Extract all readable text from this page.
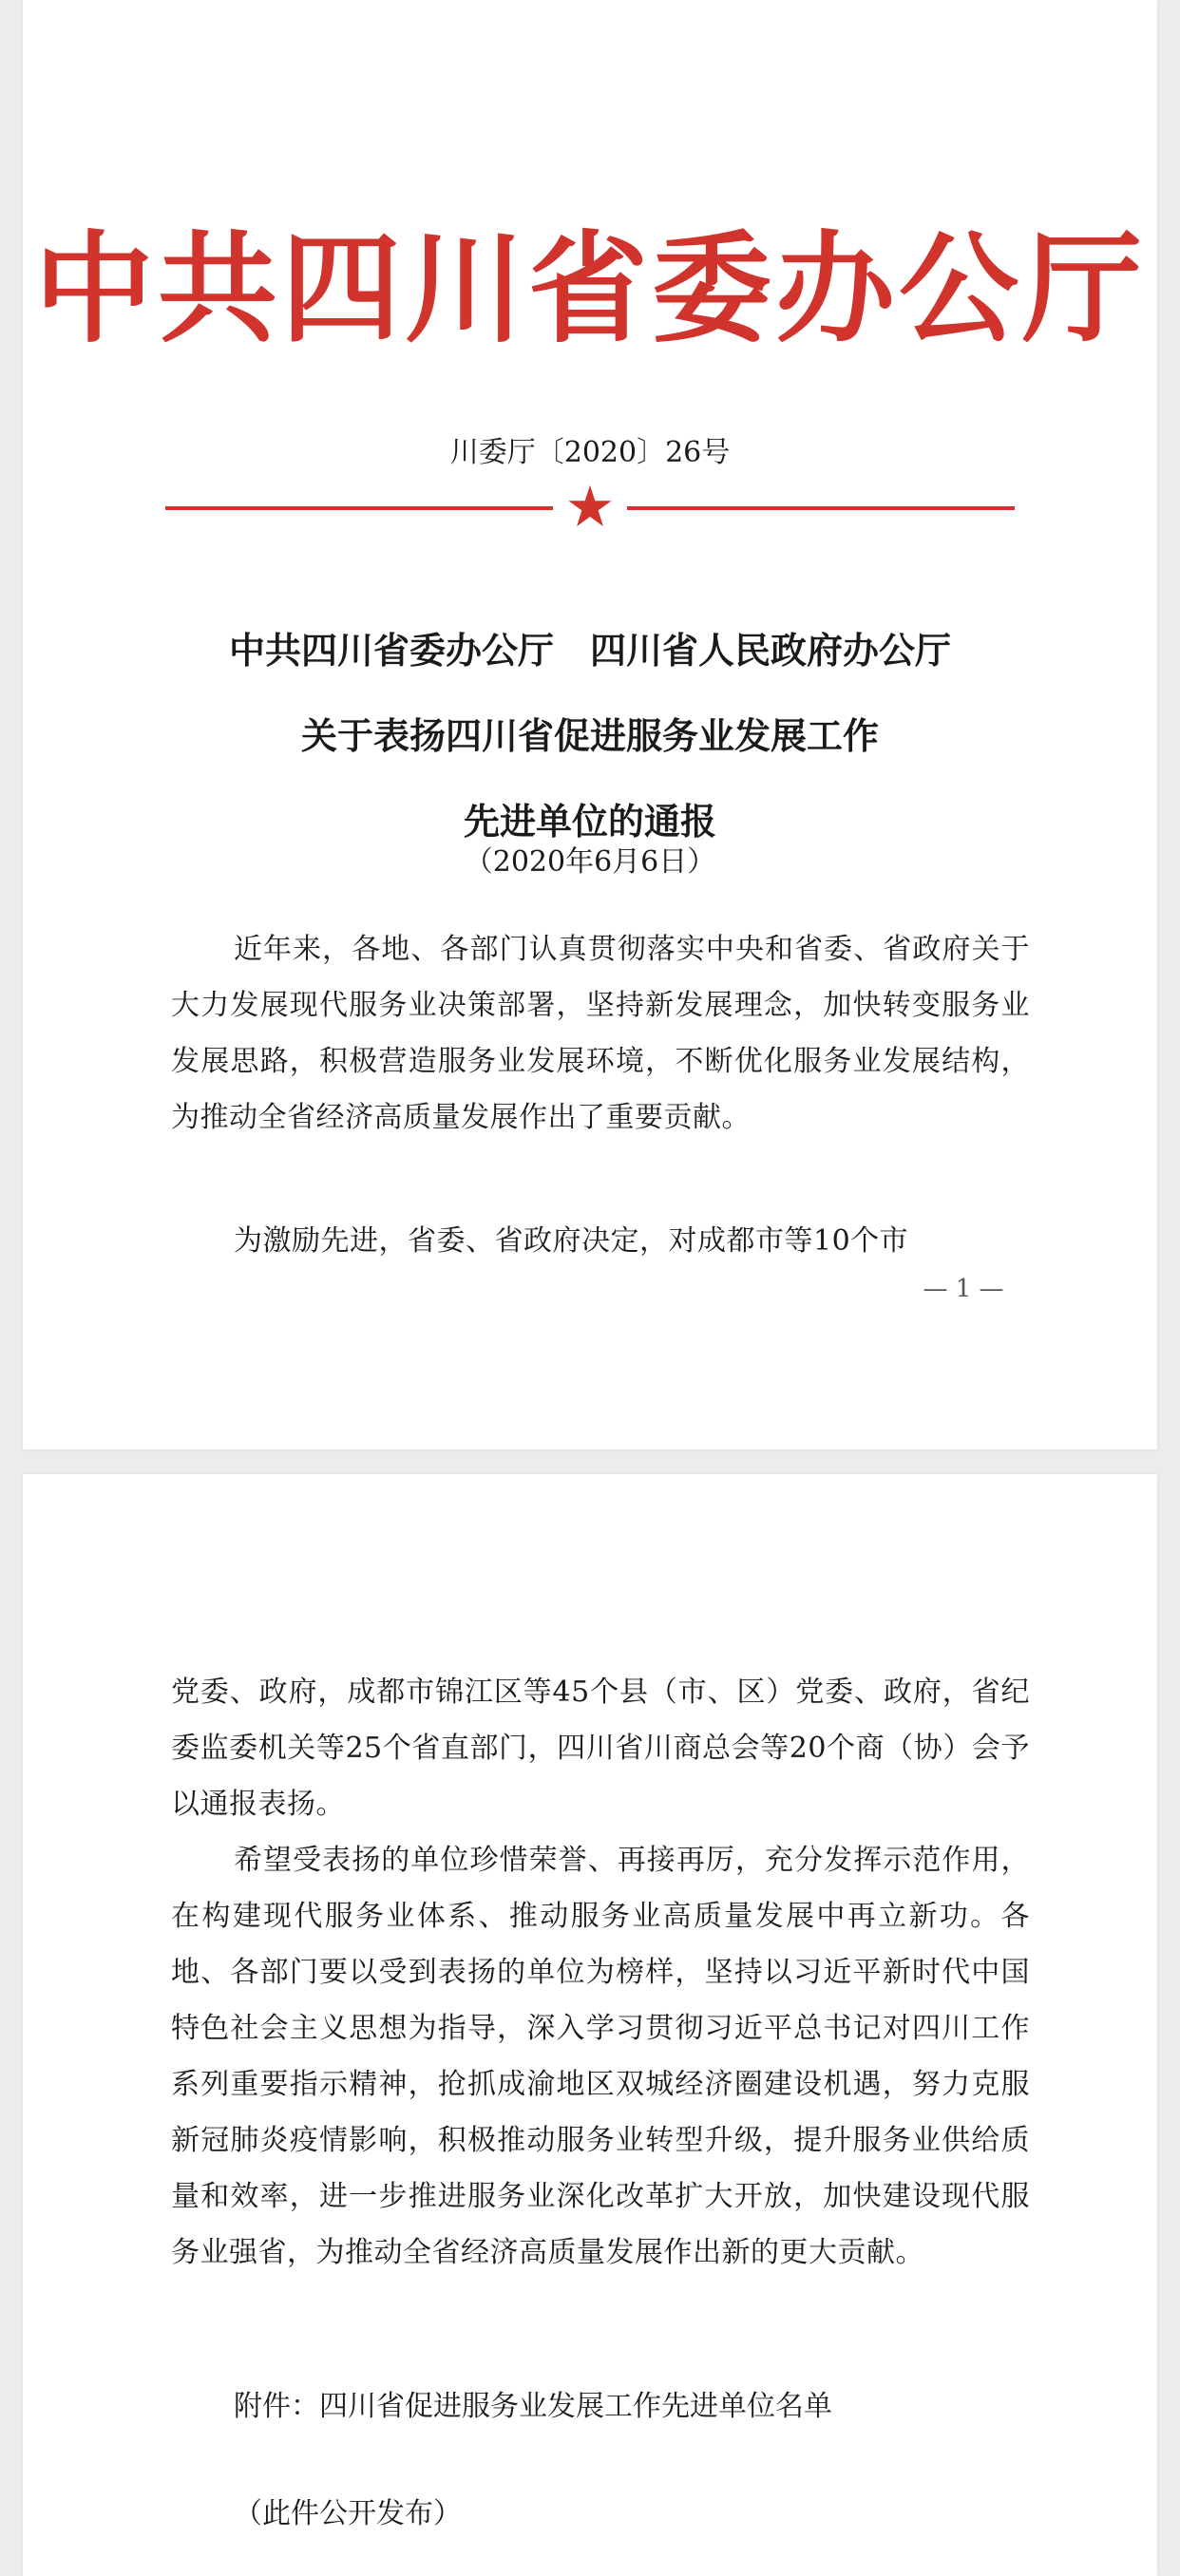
中共四川省委办公厅

川委厅〔2020〕26号

中共四川省委办公厅　四川省人民政府办公厅
关于表扬四川省促进服务业发展工作
先进单位的通报

（2020年6月6日）

近年来，各地、各部门认真贯彻落实中央和省委、省政府关于大力发展现代服务业决策部署，坚持新发展理念，加快转变服务业发展思路，积极营造服务业发展环境，不断优化服务业发展结构，为推动全省经济高质量发展作出了重要贡献。

为激励先进，省委、省政府决定，对成都市等10个市

— 1 —

党委、政府，成都市锦江区等45个县（市、区）党委、政府，省纪委监委机关等25个省直部门，四川省川商总会等20个商（协）会予以通报表扬。

希望受表扬的单位珍惜荣誉、再接再厉，充分发挥示范作用，在构建现代服务业体系、推动服务业高质量发展中再立新功。各地、各部门要以受到表扬的单位为榜样，坚持以习近平新时代中国特色社会主义思想为指导，深入学习贯彻习近平总书记对四川工作系列重要指示精神，抢抓成渝地区双城经济圈建设机遇，努力克服新冠肺炎疫情影响，积极推动服务业转型升级，提升服务业供给质量和效率，进一步推进服务业深化改革扩大开放，加快建设现代服务业强省，为推动全省经济高质量发展作出新的更大贡献。

附件：四川省促进服务业发展工作先进单位名单

（此件公开发布）
